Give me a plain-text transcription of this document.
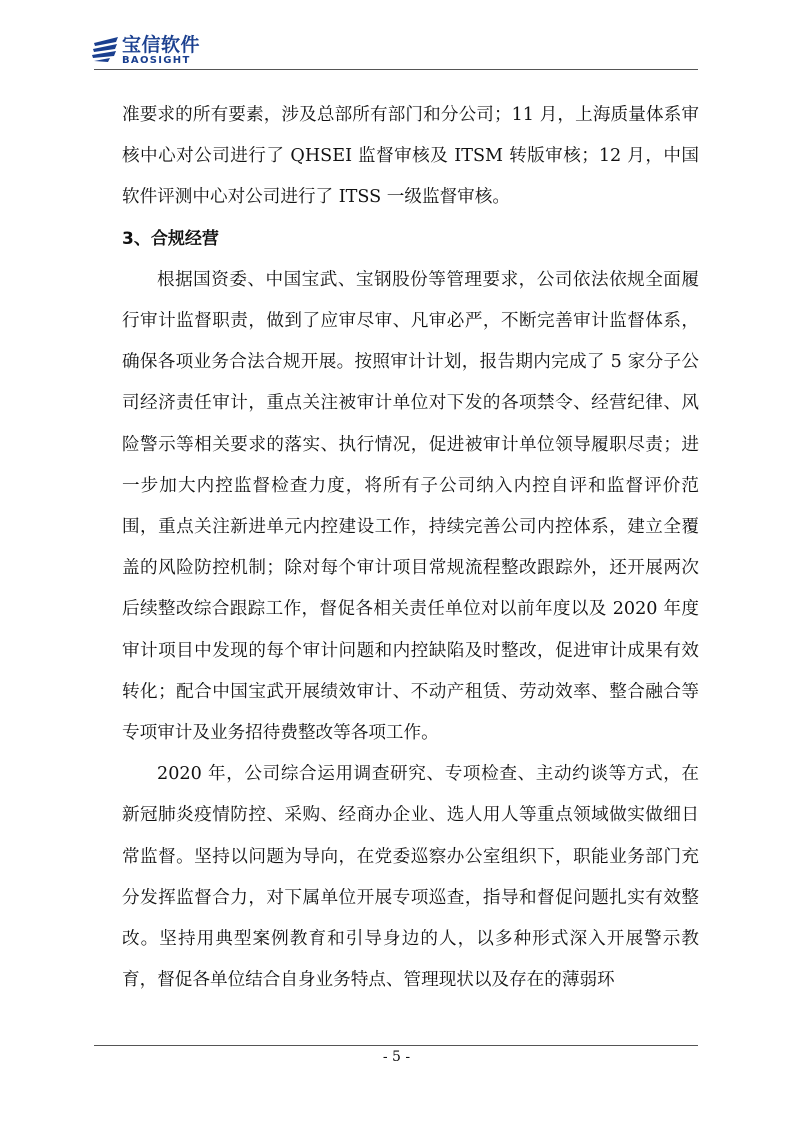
宝信软件
BAOSIGHT

准要求的所有要素，涉及总部所有部门和分公司；11 月，上海质量体系审核中心对公司进行了 QHSEI 监督审核及 ITSM 转版审核；12 月，中国软件评测中心对公司进行了 ITSS 一级监督审核。

3、合规经营

根据国资委、中国宝武、宝钢股份等管理要求，公司依法依规全面履行审计监督职责，做到了应审尽审、凡审必严，不断完善审计监督体系，确保各项业务合法合规开展。按照审计计划，报告期内完成了 5 家分子公司经济责任审计，重点关注被审计单位对下发的各项禁令、经营纪律、风险警示等相关要求的落实、执行情况，促进被审计单位领导履职尽责；进一步加大内控监督检查力度，将所有子公司纳入内控自评和监督评价范围，重点关注新进单元内控建设工作，持续完善公司内控体系，建立全覆盖的风险防控机制；除对每个审计项目常规流程整改跟踪外，还开展两次后续整改综合跟踪工作，督促各相关责任单位对以前年度以及 2020 年度审计项目中发现的每个审计问题和内控缺陷及时整改，促进审计成果有效转化；配合中国宝武开展绩效审计、不动产租赁、劳动效率、整合融合等专项审计及业务招待费整改等各项工作。

2020 年，公司综合运用调查研究、专项检查、主动约谈等方式，在新冠肺炎疫情防控、采购、经商办企业、选人用人等重点领域做实做细日常监督。坚持以问题为导向，在党委巡察办公室组织下，职能业务部门充分发挥监督合力，对下属单位开展专项巡查，指导和督促问题扎实有效整改。坚持用典型案例教育和引导身边的人，以多种形式深入开展警示教育，督促各单位结合自身业务特点、管理现状以及存在的薄弱环

- 5 -
